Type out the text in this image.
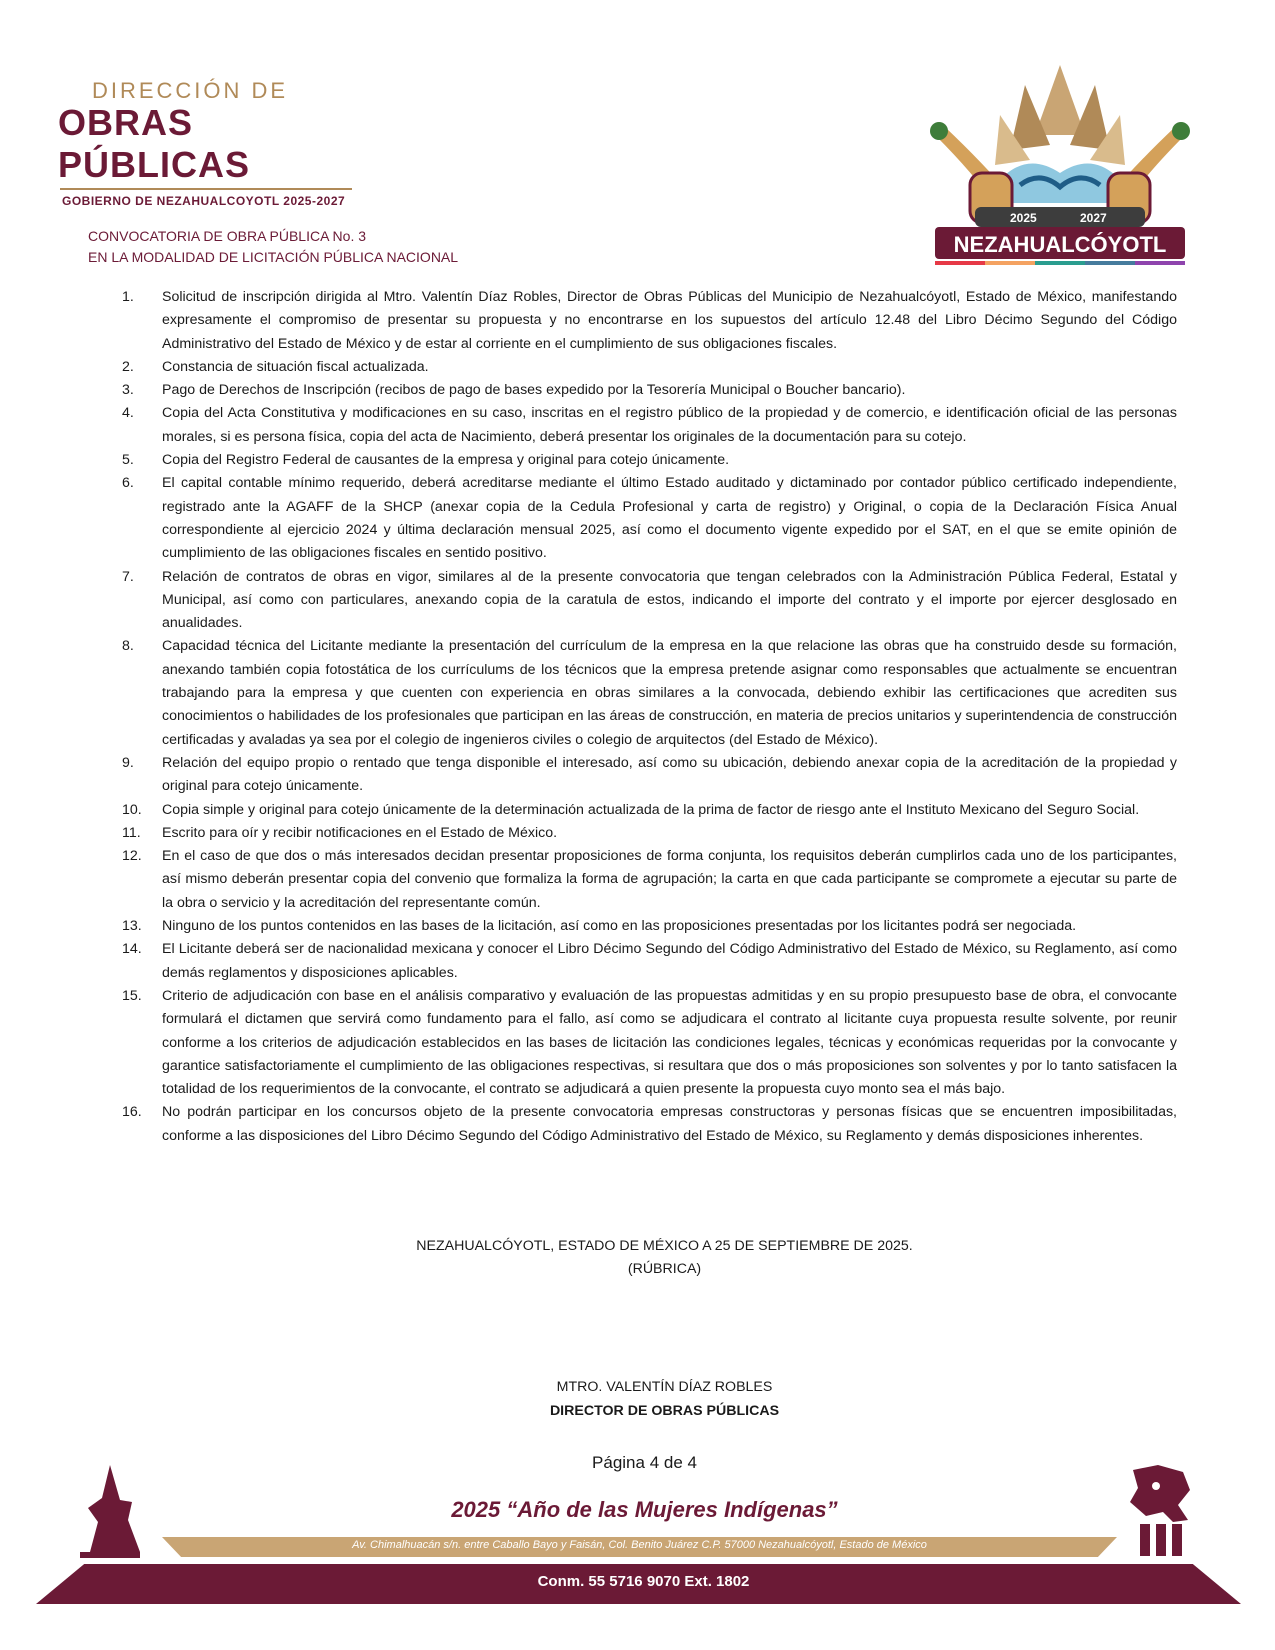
DIRECCIÓN DE
OBRAS PÚBLICAS
GOBIERNO DE NEZAHUALCOYOTL 2025-2027
2025	2027
NEZAHUALCÓYOTL
CONVOCATORIA DE OBRA PÚBLICA No. 3
EN LA MODALIDAD DE LICITACIÓN PÚBLICA NACIONAL
1.	Solicitud de inscripción dirigida al Mtro. Valentín Díaz Robles, Director de Obras Públicas del Municipio de Nezahualcóyotl, Estado de México, manifestando expresamente el compromiso de presentar su propuesta y no encontrarse en los supuestos del artículo 12.48 del Libro Décimo Segundo del Código Administrativo del Estado de México y de estar al corriente en el cumplimiento de sus obligaciones fiscales.
2.	Constancia de situación fiscal actualizada.
3.	Pago de Derechos de Inscripción (recibos de pago de bases expedido por la Tesorería Municipal o Boucher bancario).
4.	Copia del Acta Constitutiva y modificaciones en su caso, inscritas en el registro público de la propiedad y de comercio, e identificación oficial de las personas morales, si es persona física, copia del acta de Nacimiento, deberá presentar los originales de la documentación para su cotejo.
5.	Copia del Registro Federal de causantes de la empresa y original para cotejo únicamente.
6.	El capital contable mínimo requerido, deberá acreditarse mediante el último Estado auditado y dictaminado por contador público certificado independiente, registrado ante la AGAFF de la SHCP (anexar copia de la Cedula Profesional y carta de registro) y Original, o copia de la Declaración Física Anual correspondiente al ejercicio 2024 y última declaración mensual 2025, así como el documento vigente expedido por el SAT, en el que se emite opinión de cumplimiento de las obligaciones fiscales en sentido positivo.
7.	Relación de contratos de obras en vigor, similares al de la presente convocatoria que tengan celebrados con la Administración Pública Federal, Estatal y Municipal, así como con particulares, anexando copia de la caratula de estos, indicando el importe del contrato y el importe por ejercer desglosado en anualidades.
8.	Capacidad técnica del Licitante mediante la presentación del currículum de la empresa en la que relacione las obras que ha construido desde su formación, anexando también copia fotostática de los currículums de los técnicos que la empresa pretende asignar como responsables que actualmente se encuentran trabajando para la empresa y que cuenten con experiencia en obras similares a la convocada, debiendo exhibir las certificaciones que acrediten sus conocimientos o habilidades de los profesionales que participan en las áreas de construcción, en materia de precios unitarios y superintendencia de construcción certificadas y avaladas ya sea por el colegio de ingenieros civiles o colegio de arquitectos (del Estado de México).
9.	Relación del equipo propio o rentado que tenga disponible el interesado, así como su ubicación, debiendo anexar copia de la acreditación de la propiedad y original para cotejo únicamente.
10.	Copia simple y original para cotejo únicamente de la determinación actualizada de la prima de factor de riesgo ante el Instituto Mexicano del Seguro Social.
11.	Escrito para oír y recibir notificaciones en el Estado de México.
12.	En el caso de que dos o más interesados decidan presentar proposiciones de forma conjunta, los requisitos deberán cumplirlos cada uno de los participantes, así mismo deberán presentar copia del convenio que formaliza la forma de agrupación; la carta en que cada participante se compromete a ejecutar su parte de la obra o servicio y la acreditación del representante común.
13.	Ninguno de los puntos contenidos en las bases de la licitación, así como en las proposiciones presentadas por los licitantes podrá ser negociada.
14.	El Licitante deberá ser de nacionalidad mexicana y conocer el Libro Décimo Segundo del Código Administrativo del Estado de México, su Reglamento, así como demás reglamentos y disposiciones aplicables.
15.	Criterio de adjudicación con base en el análisis comparativo y evaluación de las propuestas admitidas y en su propio presupuesto base de obra, el convocante formulará el dictamen que servirá como fundamento para el fallo, así como se adjudicara el contrato al licitante cuya propuesta resulte solvente, por reunir conforme a los criterios de adjudicación establecidos en las bases de licitación las condiciones legales, técnicas y económicas requeridas por la convocante y garantice satisfactoriamente el cumplimiento de las obligaciones respectivas, si resultara que dos o más proposiciones son solventes y por lo tanto satisfacen la totalidad de los requerimientos de la convocante, el contrato se adjudicará a quien presente la propuesta cuyo monto sea el más bajo.
16.	No podrán participar en los concursos objeto de la presente convocatoria empresas constructoras y personas físicas que se encuentren imposibilitadas, conforme a las disposiciones del Libro Décimo Segundo del Código Administrativo del Estado de México, su Reglamento y demás disposiciones inherentes.
NEZAHUALCÓYOTL, ESTADO DE MÉXICO A 25 DE SEPTIEMBRE DE 2025.
(RÚBRICA)
MTRO. VALENTÍN DÍAZ ROBLES
DIRECTOR DE OBRAS PÚBLICAS
Página 4 de 4
2025 “Año de las Mujeres Indígenas”
Av. Chimalhuacán s/n. entre Caballo Bayo y Faisán, Col. Benito Juárez C.P. 57000 Nezahualcóyotl, Estado de México
Conm. 55 5716 9070 Ext. 1802
